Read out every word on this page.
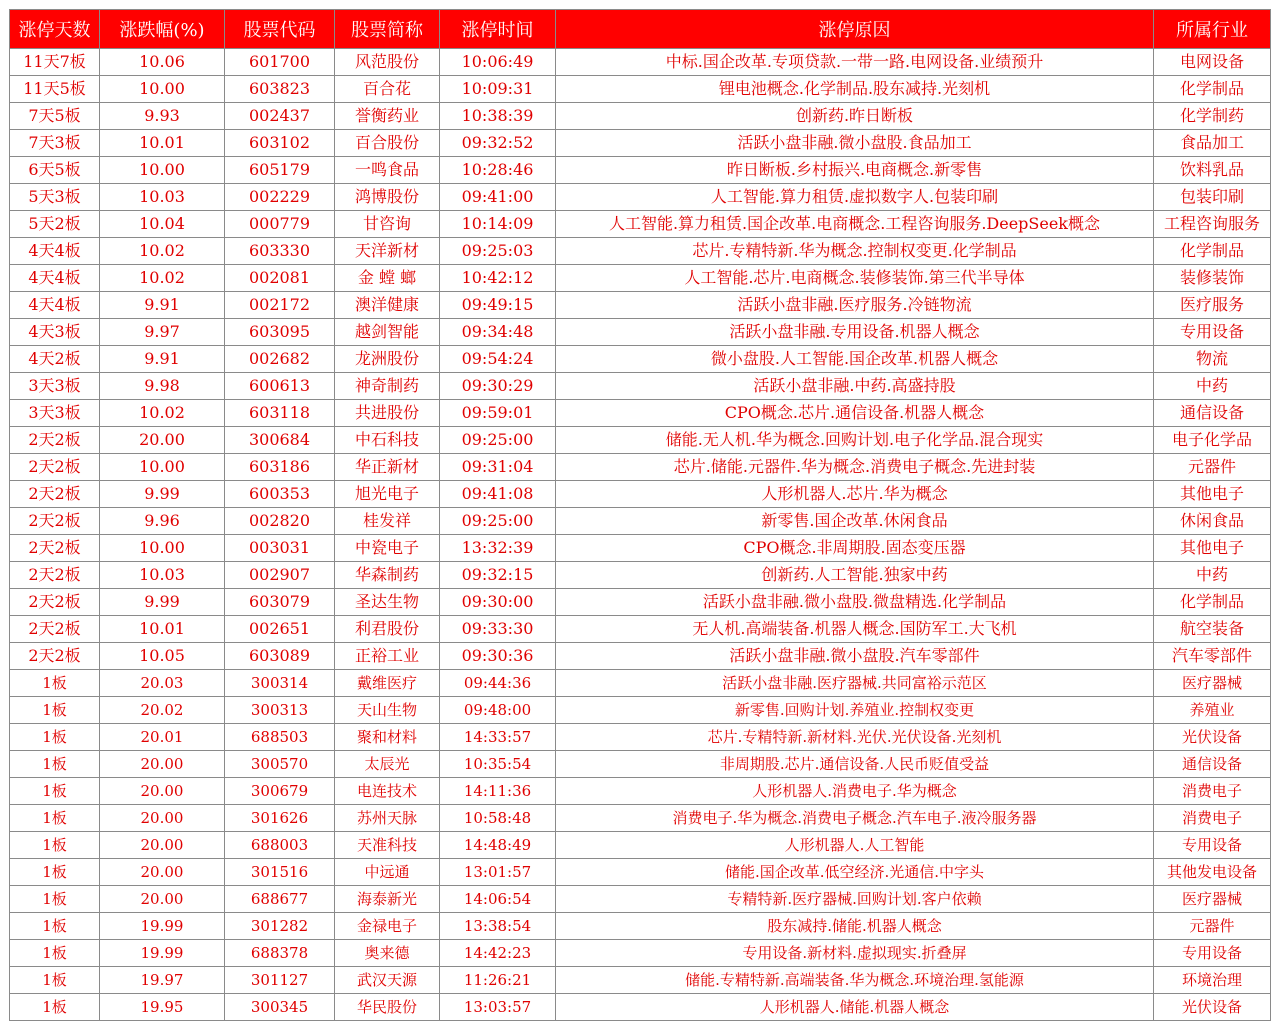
涨停天数	涨跌幅(%)	股票代码	股票简称	涨停时间	涨停原因	所属行业
11天7板	10.06	601700	风范股份	10:06:49	中标.国企改革.专项贷款.一带一路.电网设备.业绩预升	电网设备
11天5板	10.00	603823	百合花	10:09:31	锂电池概念.化学制品.股东减持.光刻机	化学制品
7天5板	9.93	002437	誉衡药业	10:38:39	创新药.昨日断板	化学制药
7天3板	10.01	603102	百合股份	09:32:52	活跃小盘非融.微小盘股.食品加工	食品加工
6天5板	10.00	605179	一鸣食品	10:28:46	昨日断板.乡村振兴.电商概念.新零售	饮料乳品
5天3板	10.03	002229	鸿博股份	09:41:00	人工智能.算力租赁.虚拟数字人.包装印刷	包装印刷
5天2板	10.04	000779	甘咨询	10:14:09	人工智能.算力租赁.国企改革.电商概念.工程咨询服务.DeepSeek概念	工程咨询服务
4天4板	10.02	603330	天洋新材	09:25:03	芯片.专精特新.华为概念.控制权变更.化学制品	化学制品
4天4板	10.02	002081	金 螳 螂	10:42:12	人工智能.芯片.电商概念.装修装饰.第三代半导体	装修装饰
4天4板	9.91	002172	澳洋健康	09:49:15	活跃小盘非融.医疗服务.冷链物流	医疗服务
4天3板	9.97	603095	越剑智能	09:34:48	活跃小盘非融.专用设备.机器人概念	专用设备
4天2板	9.91	002682	龙洲股份	09:54:24	微小盘股.人工智能.国企改革.机器人概念	物流
3天3板	9.98	600613	神奇制药	09:30:29	活跃小盘非融.中药.高盛持股	中药
3天3板	10.02	603118	共进股份	09:59:01	CPO概念.芯片.通信设备.机器人概念	通信设备
2天2板	20.00	300684	中石科技	09:25:00	储能.无人机.华为概念.回购计划.电子化学品.混合现实	电子化学品
2天2板	10.00	603186	华正新材	09:31:04	芯片.储能.元器件.华为概念.消费电子概念.先进封装	元器件
2天2板	9.99	600353	旭光电子	09:41:08	人形机器人.芯片.华为概念	其他电子
2天2板	9.96	002820	桂发祥	09:25:00	新零售.国企改革.休闲食品	休闲食品
2天2板	10.00	003031	中瓷电子	13:32:39	CPO概念.非周期股.固态变压器	其他电子
2天2板	10.03	002907	华森制药	09:32:15	创新药.人工智能.独家中药	中药
2天2板	9.99	603079	圣达生物	09:30:00	活跃小盘非融.微小盘股.微盘精选.化学制品	化学制品
2天2板	10.01	002651	利君股份	09:33:30	无人机.高端装备.机器人概念.国防军工.大飞机	航空装备
2天2板	10.05	603089	正裕工业	09:30:36	活跃小盘非融.微小盘股.汽车零部件	汽车零部件
1板	20.03	300314	戴维医疗	09:44:36	活跃小盘非融.医疗器械.共同富裕示范区	医疗器械
1板	20.02	300313	天山生物	09:48:00	新零售.回购计划.养殖业.控制权变更	养殖业
1板	20.01	688503	聚和材料	14:33:57	芯片.专精特新.新材料.光伏.光伏设备.光刻机	光伏设备
1板	20.00	300570	太辰光	10:35:54	非周期股.芯片.通信设备.人民币贬值受益	通信设备
1板	20.00	300679	电连技术	14:11:36	人形机器人.消费电子.华为概念	消费电子
1板	20.00	301626	苏州天脉	10:58:48	消费电子.华为概念.消费电子概念.汽车电子.液冷服务器	消费电子
1板	20.00	688003	天准科技	14:48:49	人形机器人.人工智能	专用设备
1板	20.00	301516	中远通	13:01:57	储能.国企改革.低空经济.光通信.中字头	其他发电设备
1板	20.00	688677	海泰新光	14:06:54	专精特新.医疗器械.回购计划.客户依赖	医疗器械
1板	19.99	301282	金禄电子	13:38:54	股东减持.储能.机器人概念	元器件
1板	19.99	688378	奥来德	14:42:23	专用设备.新材料.虚拟现实.折叠屏	专用设备
1板	19.97	301127	武汉天源	11:26:21	储能.专精特新.高端装备.华为概念.环境治理.氢能源	环境治理
1板	19.95	300345	华民股份	13:03:57	人形机器人.储能.机器人概念	光伏设备
